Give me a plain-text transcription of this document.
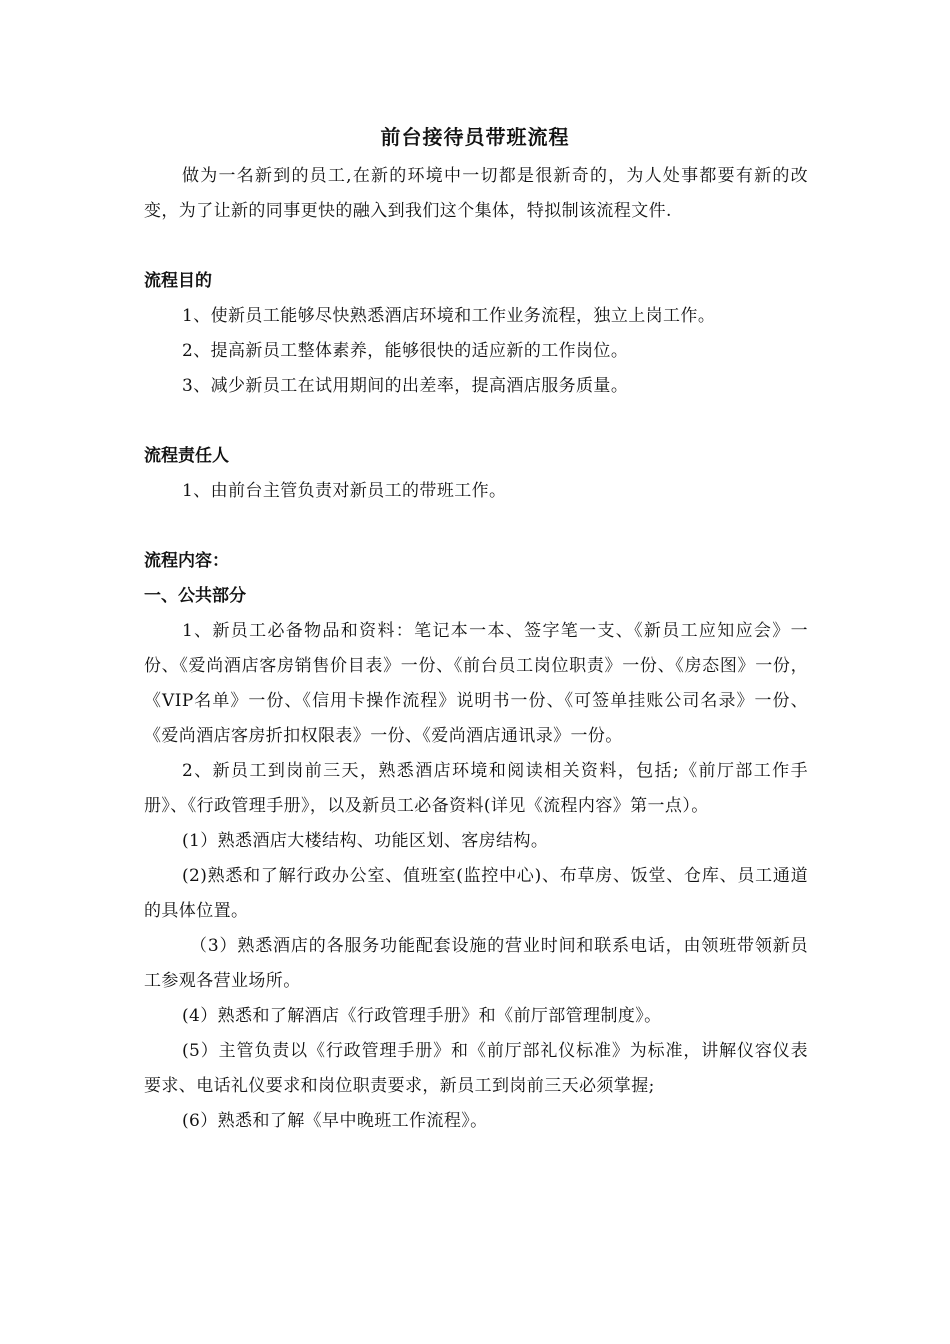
前台接待员带班流程

做为一名新到的员工,在新的环境中一切都是很新奇的，为人处事都要有新的改变，为了让新的同事更快的融入到我们这个集体，特拟制该流程文件.

流程目的

1、使新员工能够尽快熟悉酒店环境和工作业务流程，独立上岗工作。

2、提高新员工整体素养，能够很快的适应新的工作岗位。

3、减少新员工在试用期间的出差率，提高酒店服务质量。

流程责任人

1、由前台主管负责对新员工的带班工作。

流程内容：

一、公共部分

1、新员工必备物品和资料：笔记本一本、签字笔一支、《新员工应知应会》一份、《爱尚酒店客房销售价目表》一份、《前台员工岗位职责》一份、《房态图》一份，《VIP名单》一份、《信用卡操作流程》说明书一份、《可签单挂账公司名录》一份、《爱尚酒店客房折扣权限表》一份、《爱尚酒店通讯录》一份。

2、新员工到岗前三天，熟悉酒店环境和阅读相关资料，包括;《前厅部工作手册》、《行政管理手册》，以及新员工必备资料(详见《流程内容》第一点）。

(1）熟悉酒店大楼结构、功能区划、客房结构。

(2)熟悉和了解行政办公室、值班室(监控中心)、布草房、饭堂、仓库、员工通道的具体位置。

（3）熟悉酒店的各服务功能配套设施的营业时间和联系电话，由领班带领新员工参观各营业场所。

(4）熟悉和了解酒店《行政管理手册》和《前厅部管理制度》。

(5）主管负责以《行政管理手册》和《前厅部礼仪标准》为标准，讲解仪容仪表要求、电话礼仪要求和岗位职责要求，新员工到岗前三天必须掌握;

(6）熟悉和了解《早中晚班工作流程》。
